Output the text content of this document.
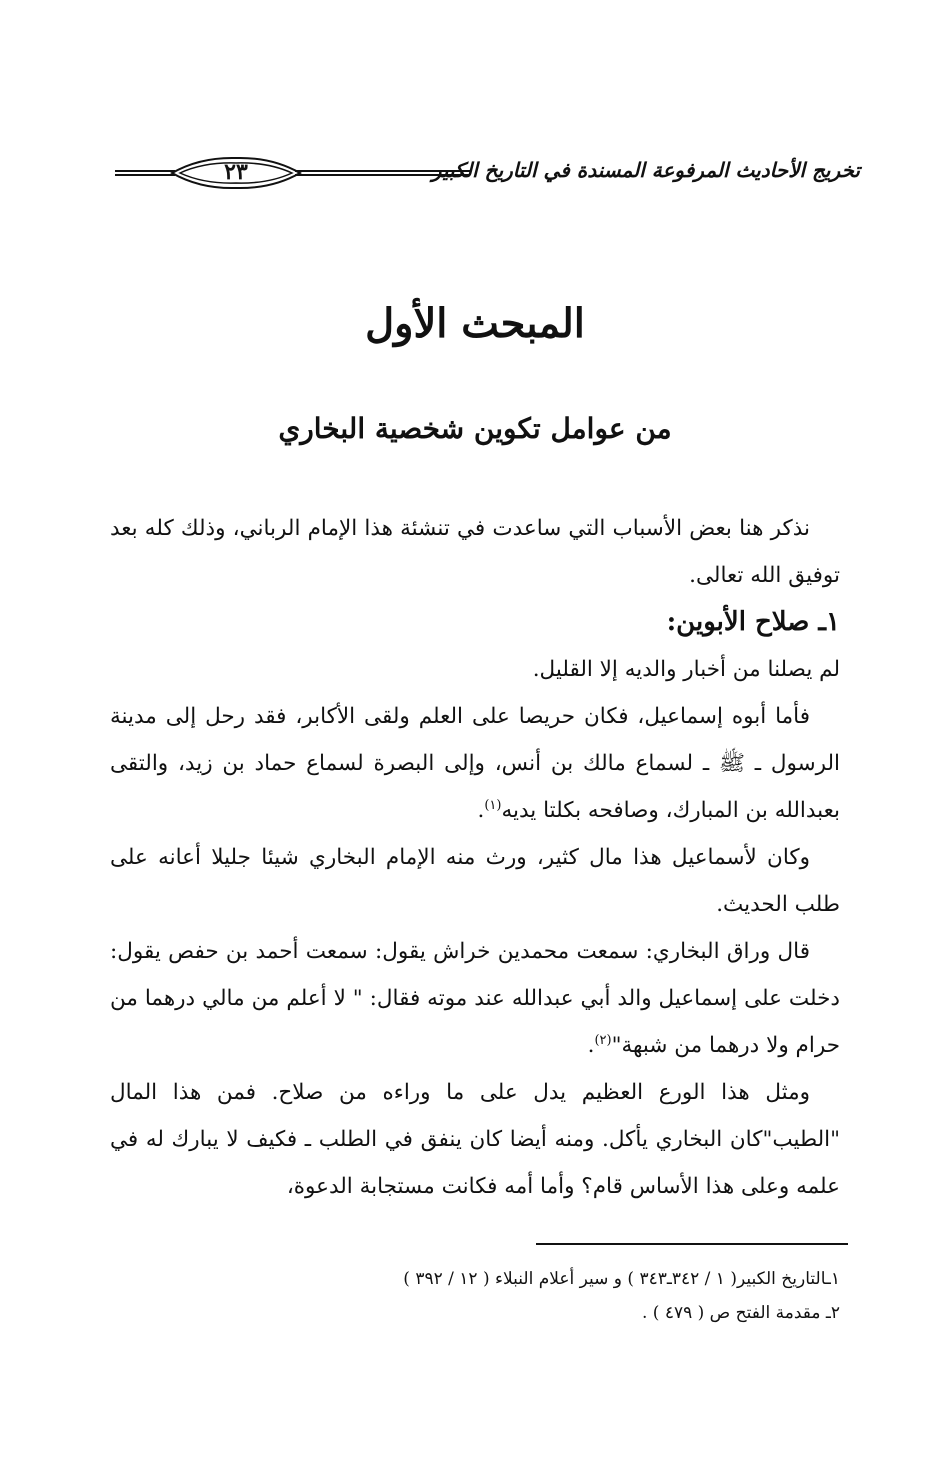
تخريج الأحاديث المرفوعة المسندة في التاريخ الكبير
٢٣
المبحث الأول
من عوامل تكوين شخصية البخاري

نذكر هنا بعض الأسباب التي ساعدت في تنشئة هذا الإمام الرباني، وذلك كله بعد توفيق الله تعالى.

١ـ صلاح الأبوين:

لم يصلنا من أخبار والديه إلا القليل.

فأما أبوه إسماعيل، فكان حريصا على العلم ولقى الأكابر، فقد رحل إلى مدينة الرسول ـ ﷺ ـ لسماع مالك بن أنس، وإلى البصرة لسماع حماد بن زيد، والتقى بعبدالله بن المبارك، وصافحه بكلتا يديه$^{(١)}$.

وكان لأسماعيل هذا مال كثير، ورث منه الإمام البخاري شيئا جليلا أعانه على طلب الحديث.

قال وراق البخاري: سمعت محمدين خراش يقول: سمعت أحمد بن حفص يقول: دخلت على إسماعيل والد أبي عبدالله عند موته فقال: " لا أعلم من مالي درهما من حرام ولا درهما من شبهة"$^{(٢)}$.

ومثل هذا الورع العظيم يدل على ما وراءه من صلاح. فمن هذا المال "الطيب"كان البخاري يأكل. ومنه أيضا كان ينفق في الطلب ـ فكيف لا يبارك له في علمه وعلى هذا الأساس قام؟ وأما أمه فكانت مستجابة الدعوة،

١ـالتاريخ الكبير( ١ / ٣٤٢ـ٣٤٣ ) و سير أعلام النبلاء ( ١٢ / ٣٩٢ )

٢ـ مقدمة الفتح ص ( ٤٧٩ ) .
